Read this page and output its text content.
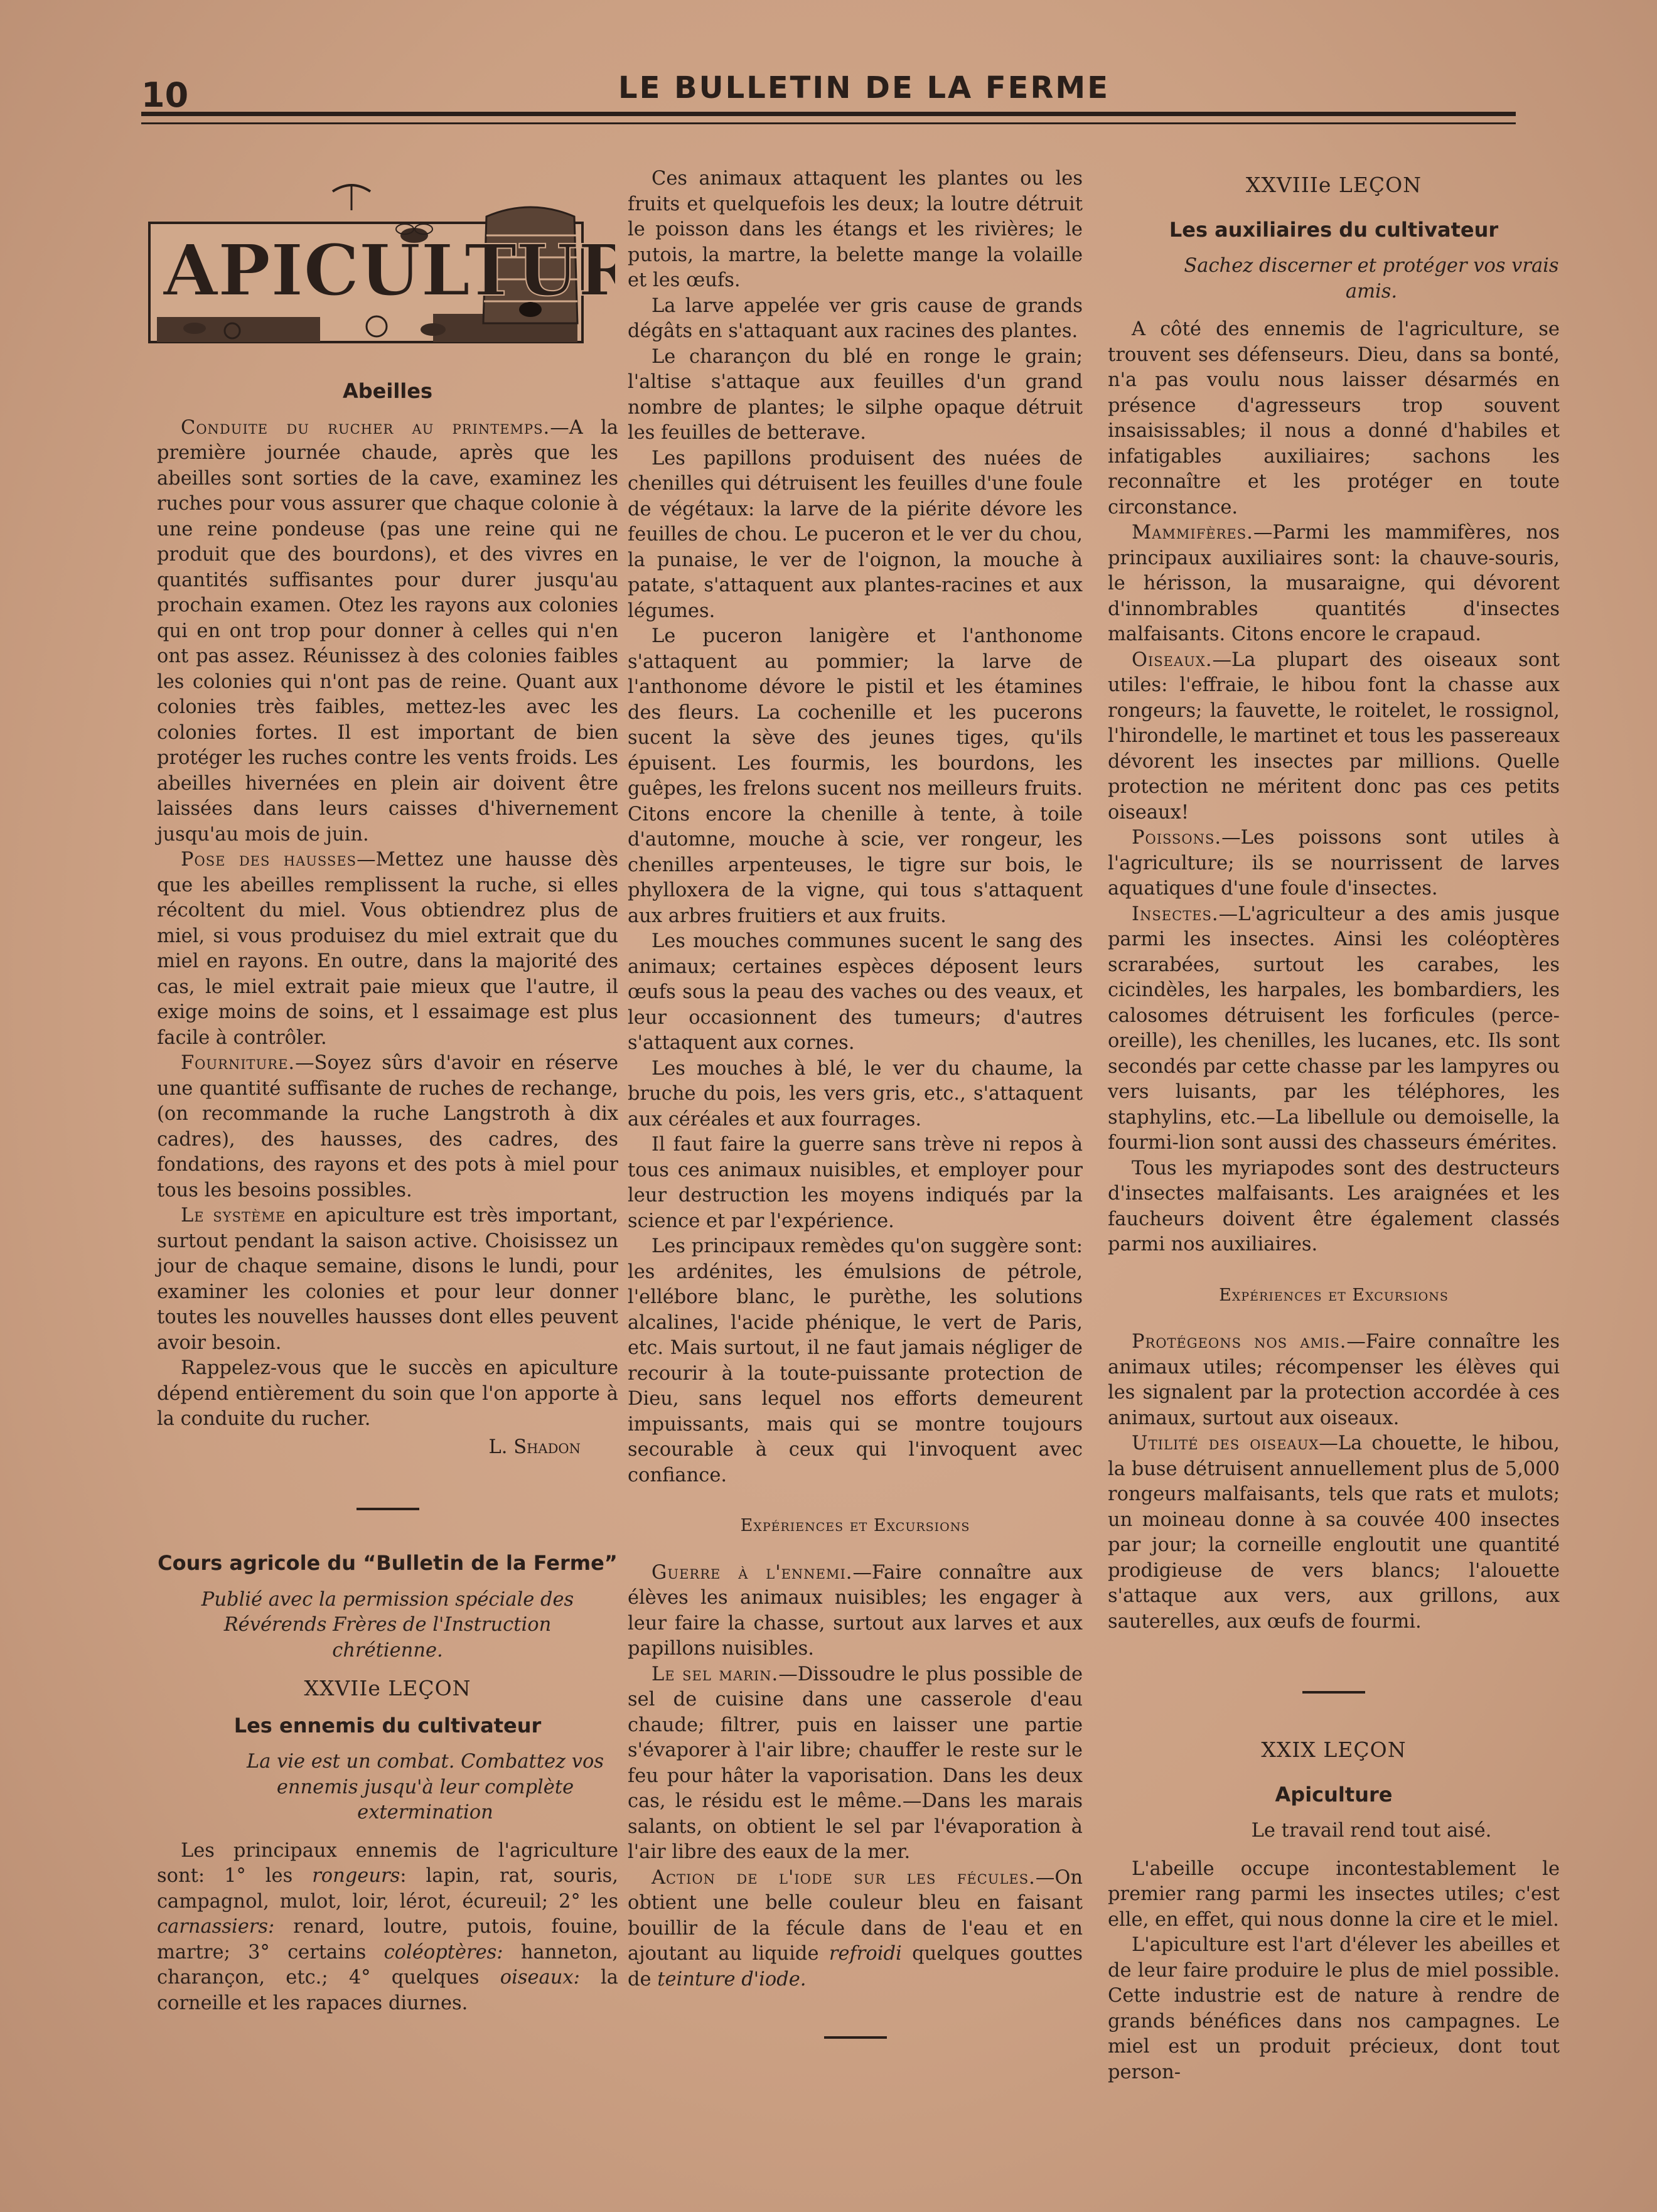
10	LE BULLETIN DE LA FERME
APICULTUR
Abeilles

Conduite du rucher au printemps.—A la première journée chaude, après que les abeilles sont sorties de la cave, examinez les ruches pour vous assurer que chaque colonie à une reine pondeuse (pas une reine qui ne produit que des bourdons), et des vivres en quantités suffisantes pour durer jusqu'au prochain examen. Otez les rayons aux colonies qui en ont trop pour donner à celles qui n'en ont pas assez. Réunissez à des colonies faibles les colonies qui n'ont pas de reine. Quant aux colonies très faibles, mettez-les avec les colonies fortes. Il est important de bien protéger les ruches contre les vents froids. Les abeilles hivernées en plein air doivent être laissées dans leurs caisses d'hivernement jusqu'au mois de juin.

Pose des hausses—Mettez une hausse dès que les abeilles remplissent la ruche, si elles récoltent du miel. Vous obtiendrez plus de miel, si vous produisez du miel extrait que du miel en rayons. En outre, dans la majorité des cas, le miel extrait paie mieux que l'autre, il exige moins de soins, et l essaimage est plus facile à contrôler.

Fourniture.—Soyez sûrs d'avoir en réserve une quantité suffisante de ruches de rechange, (on recommande la ruche Langstroth à dix cadres), des hausses, des cadres, des fondations, des rayons et des pots à miel pour tous les besoins possibles.

Le système en apiculture est très important, surtout pendant la saison active. Choisissez un jour de chaque semaine, disons le lundi, pour examiner les colonies et pour leur donner toutes les nouvelles hausses dont elles peuvent avoir besoin.

Rappelez-vous que le succès en apiculture dépend entièrement du soin que l'on apporte à la conduite du rucher.

L. Shadon
Cours agricole du “Bulletin de la Ferme”
Publié avec la permission spéciale des Révérends Frères de l'Instruction chrétienne.
XXVIIe LEÇON
Les ennemis du cultivateur
La vie est un combat. Combattez vos ennemis jusqu'à leur complète extermination

Les principaux ennemis de l'agriculture sont: 1° les rongeurs: lapin, rat, souris, campagnol, mulot, loir, lérot, écureuil; 2° les carnassiers: renard, loutre, putois, fouine, martre; 3° certains coléoptères: hanneton, charançon, etc.; 4° quelques oiseaux: la corneille et les rapaces diurnes.

Ces animaux attaquent les plantes ou les fruits et quelquefois les deux; la loutre détruit le poisson dans les étangs et les rivières; le putois, la martre, la belette mange la volaille et les œufs.

La larve appelée ver gris cause de grands dégâts en s'attaquant aux racines des plantes.

Le charançon du blé en ronge le grain; l'altise s'attaque aux feuilles d'un grand nombre de plantes; le silphe opaque détruit les feuilles de betterave.

Les papillons produisent des nuées de chenilles qui détruisent les feuilles d'une foule de végétaux: la larve de la piérite dévore les feuilles de chou. Le puceron et le ver du chou, la punaise, le ver de l'oignon, la mouche à patate, s'attaquent aux plantes-racines et aux légumes.

Le puceron lanigère et l'anthonome s'attaquent au pommier; la larve de l'anthonome dévore le pistil et les étamines des fleurs. La cochenille et les pucerons sucent la sève des jeunes tiges, qu'ils épuisent. Les fourmis, les bourdons, les guêpes, les frelons sucent nos meilleurs fruits. Citons encore la chenille à tente, à toile d'automne, mouche à scie, ver rongeur, les chenilles arpenteuses, le tigre sur bois, le phylloxera de la vigne, qui tous s'attaquent aux arbres fruitiers et aux fruits.

Les mouches communes sucent le sang des animaux; certaines espèces déposent leurs œufs sous la peau des vaches ou des veaux, et leur occasionnent des tumeurs; d'autres s'attaquent aux cornes.

Les mouches à blé, le ver du chaume, la bruche du pois, les vers gris, etc., s'attaquent aux céréales et aux fourrages.

Il faut faire la guerre sans trève ni repos à tous ces animaux nuisibles, et employer pour leur destruction les moyens indiqués par la science et par l'expérience.

Les principaux remèdes qu'on suggère sont: les ardénites, les émulsions de pétrole, l'ellébore blanc, le purèthe, les solutions alcalines, l'acide phénique, le vert de Paris, etc. Mais surtout, il ne faut jamais négliger de recourir à la toute-puissante protection de Dieu, sans lequel nos efforts demeurent impuissants, mais qui se montre toujours secourable à ceux qui l'invoquent avec confiance.

Expériences et Excursions

Guerre à l'ennemi.—Faire connaître aux élèves les animaux nuisibles; les engager à leur faire la chasse, surtout aux larves et aux papillons nuisibles.

Le sel marin.—Dissoudre le plus possible de sel de cuisine dans une casserole d'eau chaude; filtrer, puis en laisser une partie s'évaporer à l'air libre; chauffer le reste sur le feu pour hâter la vaporisation. Dans les deux cas, le résidu est le même.—Dans les marais salants, on obtient le sel par l'évaporation à l'air libre des eaux de la mer.

Action de l'iode sur les fécules.—On obtient une belle couleur bleu en faisant bouillir de la fécule dans de l'eau et en ajoutant au liquide refroidi quelques gouttes de teinture d'iode.

XXVIIIe LEÇON
Les auxiliaires du cultivateur
Sachez discerner et protéger vos vrais amis.

A côté des ennemis de l'agriculture, se trouvent ses défenseurs. Dieu, dans sa bonté, n'a pas voulu nous laisser désarmés en présence d'agresseurs trop souvent insaisissables; il nous a donné d'habiles et infatigables auxiliaires; sachons les reconnaître et les protéger en toute circonstance.

Mammifères.—Parmi les mammifères, nos principaux auxiliaires sont: la chauve-souris, le hérisson, la musaraigne, qui dévorent d'innombrables quantités d'insectes malfaisants. Citons encore le crapaud.

Oiseaux.—La plupart des oiseaux sont utiles: l'effraie, le hibou font la chasse aux rongeurs; la fauvette, le roitelet, le rossignol, l'hirondelle, le martinet et tous les passereaux dévorent les insectes par millions. Quelle protection ne méritent donc pas ces petits oiseaux!

Poissons.—Les poissons sont utiles à l'agriculture; ils se nourrissent de larves aquatiques d'une foule d'insectes.

Insectes.—L'agriculteur a des amis jusque parmi les insectes. Ainsi les coléoptères scrarabées, surtout les carabes, les cicindèles, les harpales, les bombardiers, les calosomes détruisent les forficules (perce-oreille), les chenilles, les lucanes, etc. Ils sont secondés par cette chasse par les lampyres ou vers luisants, par les téléphores, les staphylins, etc.—La libellule ou demoiselle, la fourmi-lion sont aussi des chasseurs émérites.

Tous les myriapodes sont des destructeurs d'insectes malfaisants. Les araignées et les faucheurs doivent être également classés parmi nos auxiliaires.

Expériences et Excursions

Protégeons nos amis.—Faire connaître les animaux utiles; récompenser les élèves qui les signalent par la protection accordée à ces animaux, surtout aux oiseaux.

Utilité des oiseaux—La chouette, le hibou, la buse détruisent annuellement plus de 5,000 rongeurs malfaisants, tels que rats et mulots; un moineau donne à sa couvée 400 insectes par jour; la corneille engloutit une quantité prodigieuse de vers blancs; l'alouette s'attaque aux vers, aux grillons, aux sauterelles, aux œufs de fourmi.

XXIX LEÇON
Apiculture
Le travail rend tout aisé.

L'abeille occupe incontestablement le premier rang parmi les insectes utiles; c'est elle, en effet, qui nous donne la cire et le miel.

L'apiculture est l'art d'élever les abeilles et de leur faire produire le plus de miel possible. Cette industrie est de nature à rendre de grands bénéfices dans nos campagnes. Le miel est un produit précieux, dont tout person-
